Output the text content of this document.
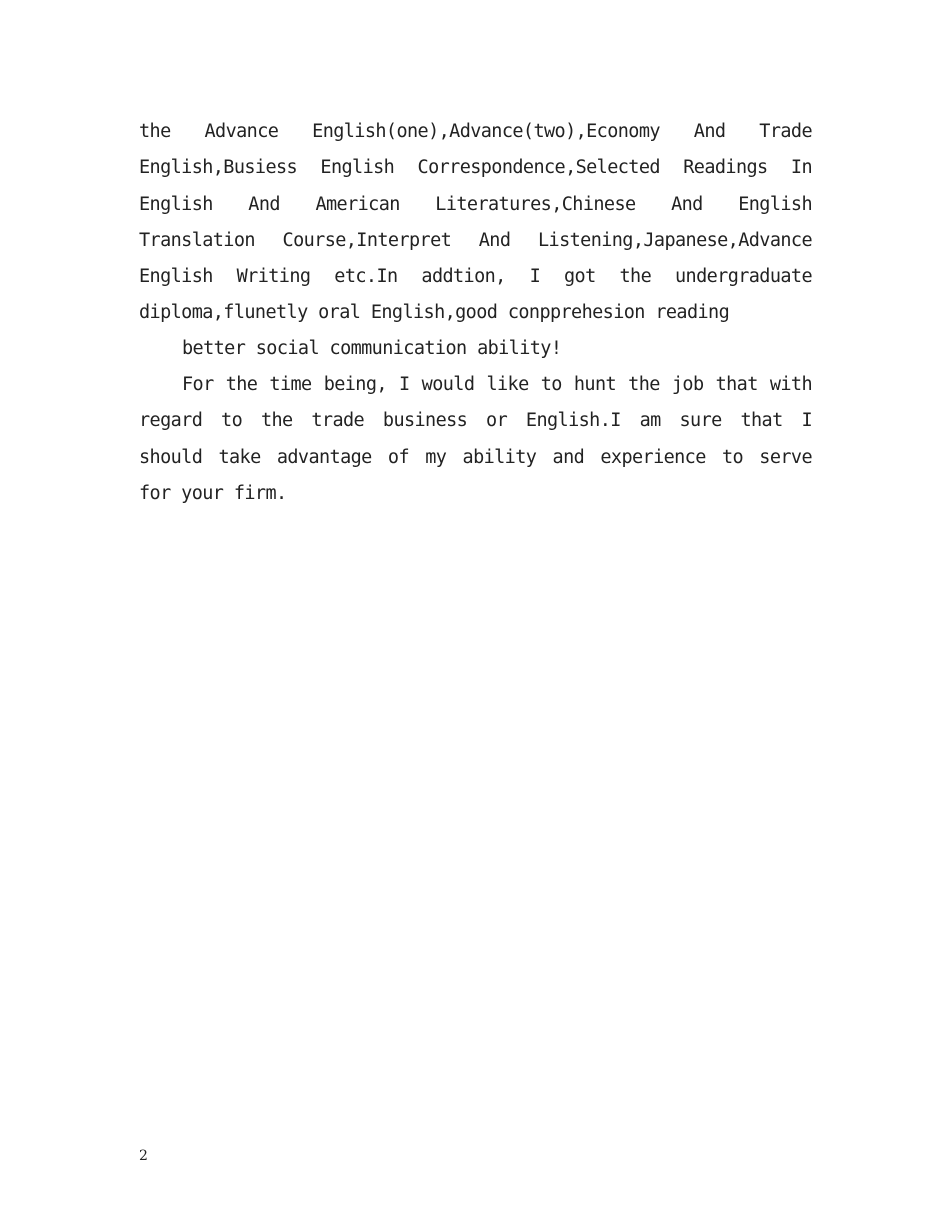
the Advance English(one),Advance(two),Economy And Trade
English,Busiess English Correspondence,Selected Readings In
English And American Literatures,Chinese And English
Translation Course,Interpret And Listening,Japanese,Advance
English Writing etc.In addtion, I got the undergraduate
diploma,flunetly oral English,good conpprehesion reading

better social communication ability!

For the time being, I would like to hunt the job that with
regard to the trade business or English.I am sure that I
should take advantage of my ability and experience to serve
for your firm.
2
